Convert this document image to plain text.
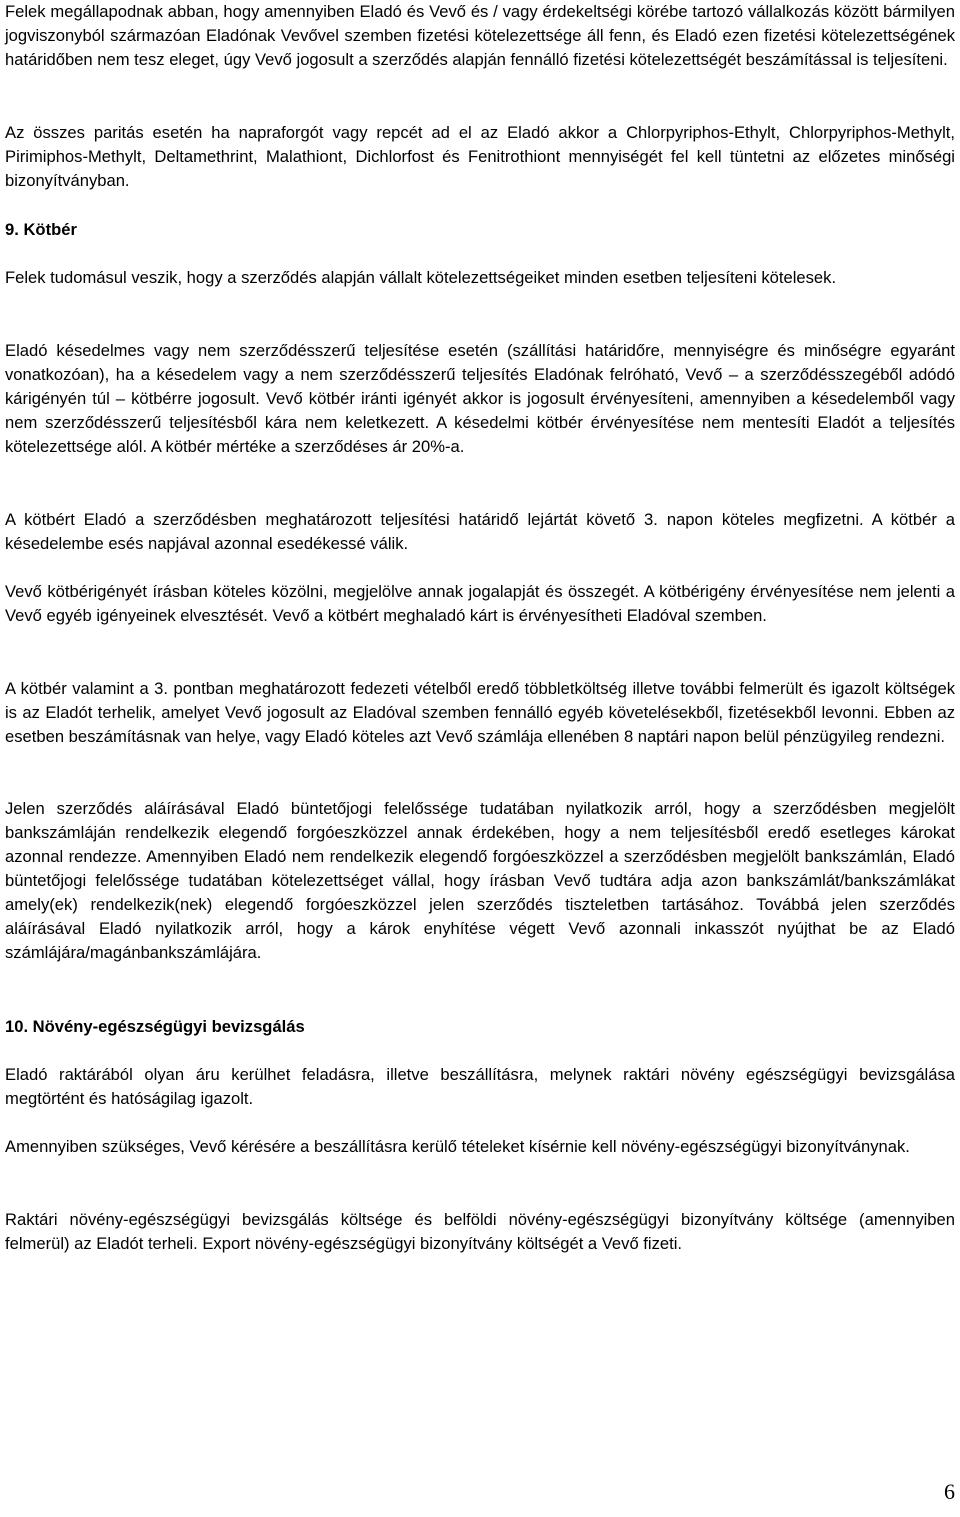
Felek megállapodnak abban, hogy amennyiben Eladó és Vevő és / vagy érdekeltségi körébe tartozó vállalkozás között bármilyen jogviszonyból származóan Eladónak Vevővel szemben fizetési kötelezettsége áll fenn, és Eladó ezen fizetési kötelezettségének határidőben nem tesz eleget, úgy Vevő jogosult a szerződés alapján fennálló fizetési kötelezettségét beszámítással is teljesíteni.

Az összes paritás esetén ha napraforgót vagy repcét ad el az Eladó akkor a Chlorpyriphos-Ethylt, Chlorpyriphos-Methylt, Pirimiphos-Methylt, Deltamethrint, Malathiont, Dichlorfost és Fenitrothiont mennyiségét fel kell tüntetni az előzetes minőségi bizonyítványban.

9. Kötbér

Felek tudomásul veszik, hogy a szerződés alapján vállalt kötelezettségeiket minden esetben teljesíteni kötelesek.

Eladó késedelmes vagy nem szerződésszerű teljesítése esetén (szállítási határidőre, mennyiségre és minőségre egyaránt vonatkozóan), ha a késedelem vagy a nem szerződésszerű teljesítés Eladónak felróható, Vevő – a szerződésszegéből adódó kárigényén túl – kötbérre jogosult. Vevő kötbér iránti igényét akkor is jogosult érvényesíteni, amennyiben a késedelemből vagy nem szerződésszerű teljesítésből kára nem keletkezett. A késedelmi kötbér érvényesítése nem mentesíti Eladót a teljesítés kötelezettsége alól. A kötbér mértéke a szerződéses ár 20%-a.

A kötbért Eladó a szerződésben meghatározott teljesítési határidő lejártát követő 3. napon köteles megfizetni. A kötbér a késedelembe esés napjával azonnal esedékessé válik.

Vevő kötbérigényét írásban köteles közölni, megjelölve annak jogalapját és összegét. A kötbérigény érvényesítése nem jelenti a Vevő egyéb igényeinek elvesztését. Vevő a kötbért meghaladó kárt is érvényesítheti Eladóval szemben.

A kötbér valamint a 3. pontban meghatározott fedezeti vételből eredő többletköltség illetve további felmerült és igazolt költségek is az Eladót terhelik, amelyet Vevő jogosult az Eladóval szemben fennálló egyéb követelésekből, fizetésekből levonni. Ebben az esetben beszámításnak van helye, vagy Eladó köteles azt Vevő számlája ellenében 8 naptári napon belül pénzügyileg rendezni.

Jelen szerződés aláírásával Eladó büntetőjogi felelőssége tudatában nyilatkozik arról, hogy a szerződésben megjelölt bankszámláján rendelkezik elegendő forgóeszközzel annak érdekében, hogy a nem teljesítésből eredő esetleges károkat azonnal rendezze. Amennyiben Eladó nem rendelkezik elegendő forgóeszközzel a szerződésben megjelölt bankszámlán, Eladó büntetőjogi felelőssége tudatában kötelezettséget vállal, hogy írásban Vevő tudtára adja azon bankszámlát/bankszámlákat amely(ek) rendelkezik(nek) elegendő forgóeszközzel jelen szerződés tiszteletben tartásához. Továbbá jelen szerződés aláírásával Eladó nyilatkozik arról, hogy a károk enyhítése végett Vevő azonnali inkasszót nyújthat be az Eladó számlájára/magánbankszámlájára.

10. Növény-egészségügyi bevizsgálás

Eladó raktárából olyan áru kerülhet feladásra, illetve beszállításra, melynek raktári növény egészségügyi bevizsgálása megtörtént és hatóságilag igazolt.

Amennyiben szükséges, Vevő kérésére a beszállításra kerülő tételeket kísérnie kell növény-egészségügyi bizonyítványnak.

Raktári növény-egészségügyi bevizsgálás költsége és belföldi növény-egészségügyi bizonyítvány költsége (amennyiben felmerül) az Eladót terheli. Export növény-egészségügyi bizonyítvány költségét a Vevő fizeti.

6
